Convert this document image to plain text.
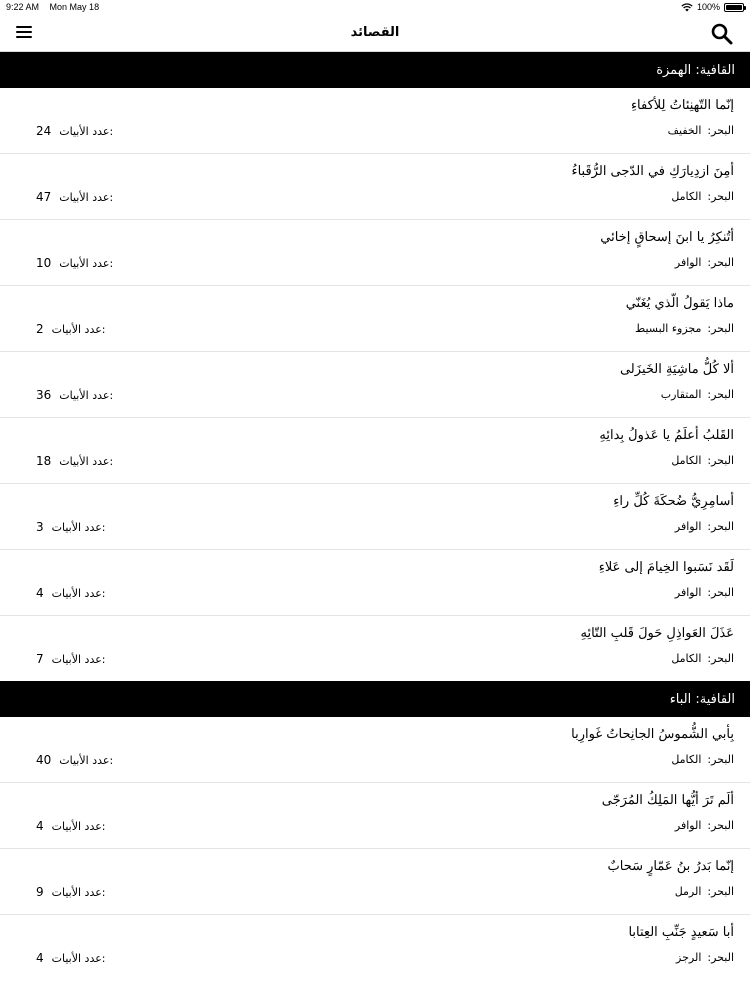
9:22 AM Mon May 18	100%
القصائد
القافية: الهمزة
إنّما التّهنِئاتُ لِلأكفاءِ
البحر:الخفيف
24 عدد الأبيات:
أمِنَ ازدِيارَكِ في الدّجى الرُّقَباءُ
البحر:الكامل
47 عدد الأبيات:
أتُنكِرُ يا ابنَ إسحاقٍ إخائي
البحر:الوافر
10 عدد الأبيات:
ماذا يَقولُ الّذي يُغَنّي
البحر:مجزوء البسيط
2 عدد الأبيات:
ألا كُلُّ ماشِيَةِ الخَيزَلى
البحر:المتقارب
36 عدد الأبيات:
القَلبُ أعلَمُ يا عَذولُ بِدائِهِ
البحر:الكامل
18 عدد الأبيات:
أسامِرِيُّ ضُحكَةَ كُلِّ راءِ
البحر:الوافر
3 عدد الأبيات:
لَقَد نَسَبوا الخِيامَ إلى عَلاءِ
البحر:الوافر
4 عدد الأبيات:
عَذَلَ العَواذِلِ حَولَ قَلبِ التّائِهِ
البحر:الكامل
7 عدد الأبيات:
القافية: الباء
بِأبي الشُّموسُ الجانِحاتُ غَوارِبا
البحر:الكامل
40 عدد الأبيات:
ألَم تَرَ أيُّها المَلِكُ المُرَجّى
البحر:الوافر
4 عدد الأبيات:
إنّما بَدرُ بنُ عَمّارٍ سَحابٌ
البحر:الرمل
9 عدد الأبيات:
أبا سَعيدٍ جَنِّبِ العِتابا
البحر:الرجز
4 عدد الأبيات:
